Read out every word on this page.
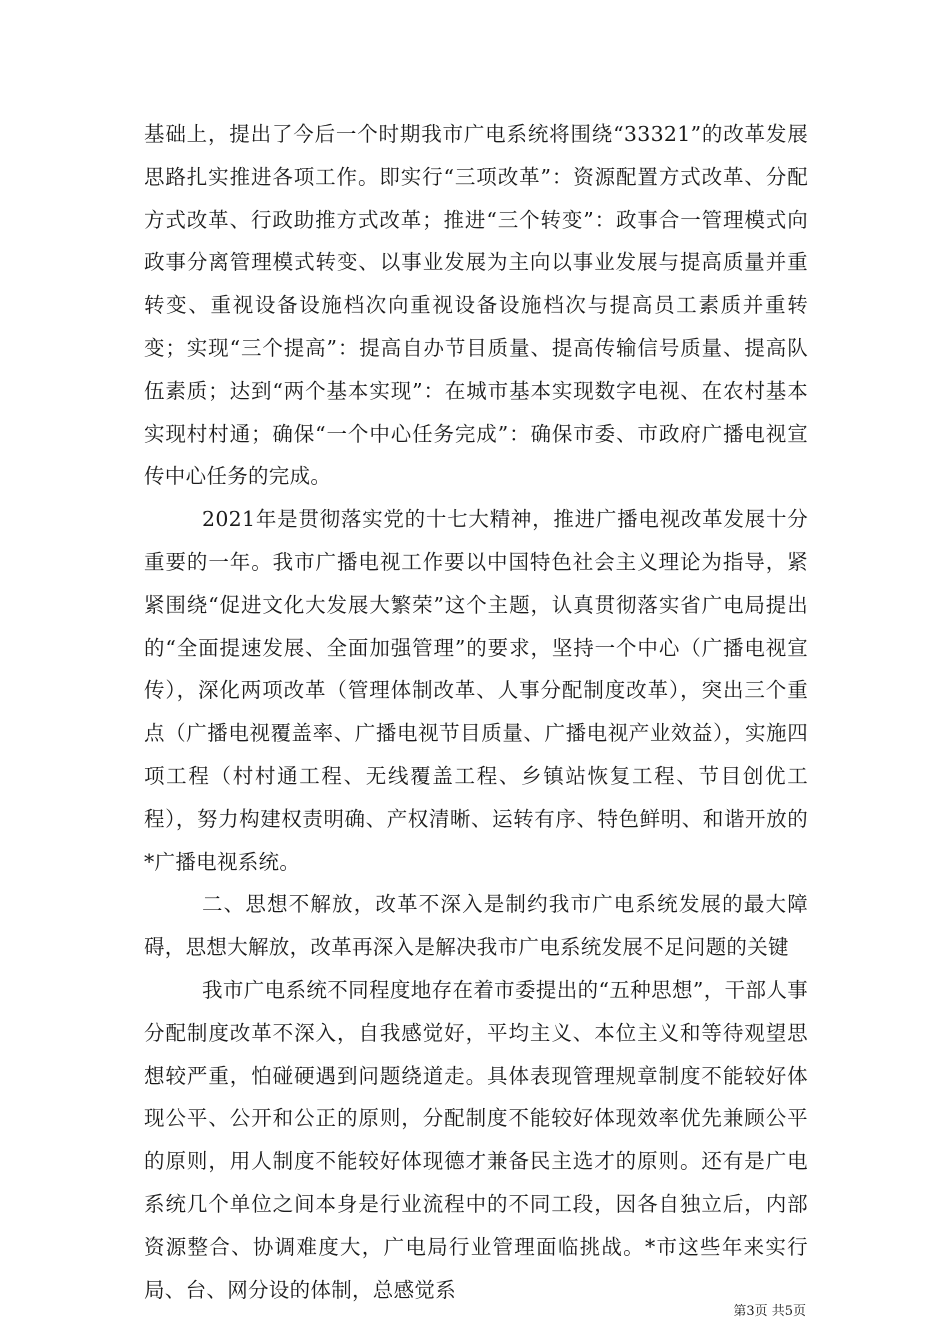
基础上，提出了今后一个时期我市广电系统将围绕“33321”的改革发展思路扎实推进各项工作。即实行“三项改革”：资源配置方式改革、分配方式改革、行政助推方式改革；推进“三个转变”：政事合一管理模式向政事分离管理模式转变、以事业发展为主向以事业发展与提高质量并重转变、重视设备设施档次向重视设备设施档次与提高员工素质并重转变；实现“三个提高”：提高自办节目质量、提高传输信号质量、提高队伍素质；达到“两个基本实现”：在城市基本实现数字电视、在农村基本实现村村通；确保“一个中心任务完成”：确保市委、市政府广播电视宣传中心任务的完成。

2021年是贯彻落实党的十七大精神，推进广播电视改革发展十分重要的一年。我市广播电视工作要以中国特色社会主义理论为指导，紧紧围绕“促进文化大发展大繁荣”这个主题，认真贯彻落实省广电局提出的“全面提速发展、全面加强管理”的要求，坚持一个中心（广播电视宣传），深化两项改革（管理体制改革、人事分配制度改革），突出三个重点（广播电视覆盖率、广播电视节目质量、广播电视产业效益），实施四项工程（村村通工程、无线覆盖工程、乡镇站恢复工程、节目创优工程），努力构建权责明确、产权清晰、运转有序、特色鲜明、和谐开放的*广播电视系统。

二、思想不解放，改革不深入是制约我市广电系统发展的最大障碍，思想大解放，改革再深入是解决我市广电系统发展不足问题的关键

我市广电系统不同程度地存在着市委提出的“五种思想”，干部人事分配制度改革不深入，自我感觉好，平均主义、本位主义和等待观望思想较严重，怕碰硬遇到问题绕道走。具体表现管理规章制度不能较好体现公平、公开和公正的原则，分配制度不能较好体现效率优先兼顾公平的原则，用人制度不能较好体现德才兼备民主选才的原则。还有是广电系统几个单位之间本身是行业流程中的不同工段，因各自独立后，内部资源整合、协调难度大，广电局行业管理面临挑战。*市这些年来实行局、台、网分设的体制，总感觉系

第3页 共5页
